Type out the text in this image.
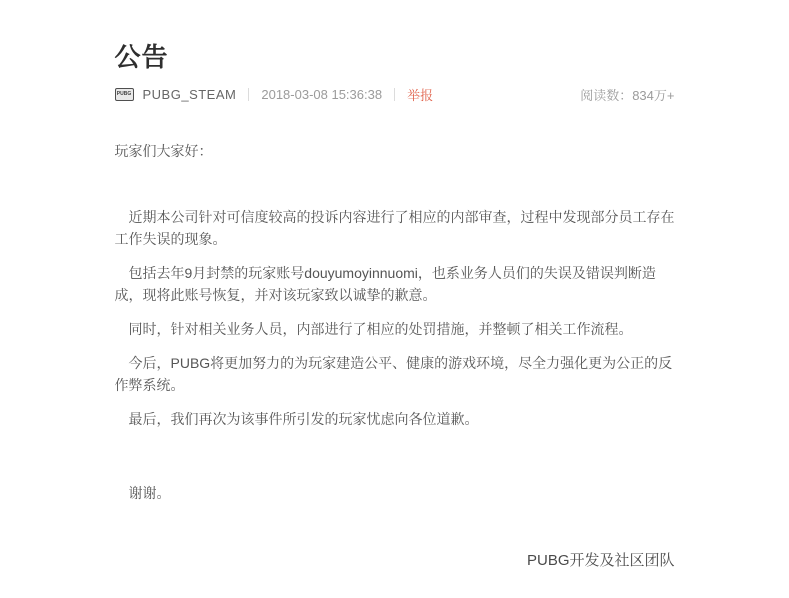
公告
PUBG PUBG_STEAM 2018-03-08 15:36:38 举报	阅读数：834万+

玩家们大家好：

近期本公司针对可信度较高的投诉内容进行了相应的内部审查，过程中发现部分员工存在工作失误的现象。

包括去年9月封禁的玩家账号douyumoyinnuomi，也系业务人员们的失误及错误判断造成，现将此账号恢复，并对该玩家致以诚挚的歉意。

同时，针对相关业务人员，内部进行了相应的处罚措施，并整顿了相关工作流程。

今后，PUBG将更加努力的为玩家建造公平、健康的游戏环境，尽全力强化更为公正的反作弊系统。

最后，我们再次为该事件所引发的玩家忧虑向各位道歉。

谢谢。

PUBG开发及社区团队
